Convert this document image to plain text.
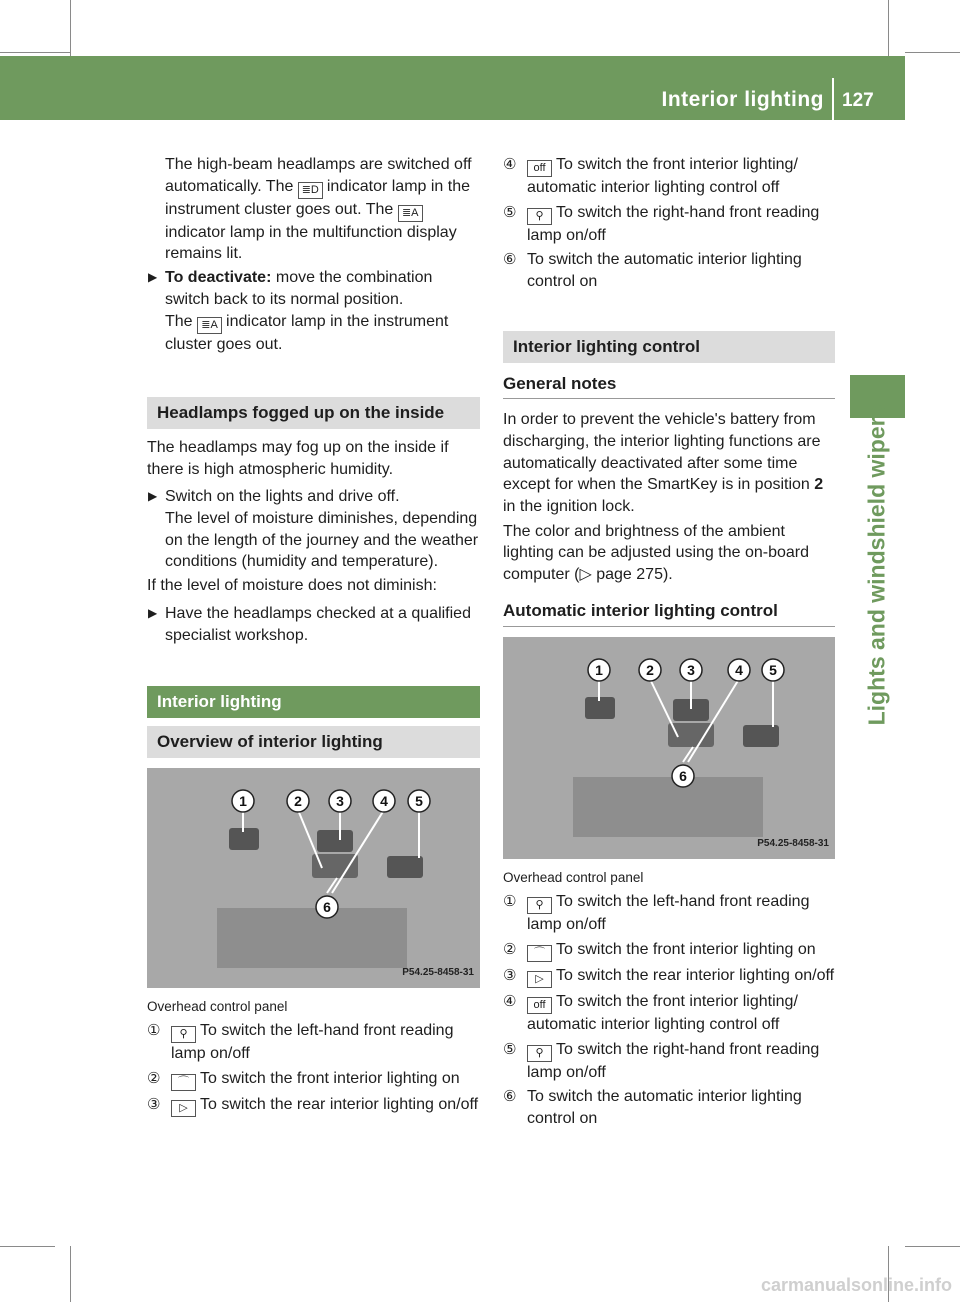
Interior lighting 127
Lights and windshield wipers

The high-beam headlamps are switched off automatically. The ≣D indicator lamp in the instrument cluster goes out. The ≣Aindicator lamp in the multifunction display remains lit.

▶ To deactivate: move the combination switch back to its normal position.
The ≣A indicator lamp in the instrument cluster goes out.

Headlamps fogged up on the inside

The headlamps may fog up on the inside if there is high atmospheric humidity.

▶ Switch on the lights and drive off.
The level of moisture diminishes, depending on the length of the journey and the weather conditions (humidity and temperature).

If the level of moisture does not diminish:

▶ Have the headlamps checked at a qualified specialist workshop.

Interior lighting

Overview of interior lighting

1	2 3	4 5
6
P54.25-8458-31

Overhead control panel

① ⚲ To switch the left-hand front reading lamp on/off
② ⌒ To switch the front interior lighting on
③ ▷ To switch the rear interior lighting on/off
④ off To switch the front interior lighting/ automatic interior lighting control off
⑤ ⚲ To switch the right-hand front reading lamp on/off
⑥ To switch the automatic interior lighting control on

Interior lighting control

General notes

In order to prevent the vehicle's battery from discharging, the interior lighting functions are automatically deactivated after some time except for when the SmartKey is in position 2 in the ignition lock.

The color and brightness of the ambient lighting can be adjusted using the on-board computer (▷ page 275).

Automatic interior lighting control

1	2 3	4 5
6
P54.25-8458-31

Overhead control panel

① ⚲ To switch the left-hand front reading lamp on/off
② ⌒ To switch the front interior lighting on
③ ▷ To switch the rear interior lighting on/off
④ off To switch the front interior lighting/ automatic interior lighting control off
⑤ ⚲ To switch the right-hand front reading lamp on/off
⑥ To switch the automatic interior lighting control on
carmanualsonline.info
